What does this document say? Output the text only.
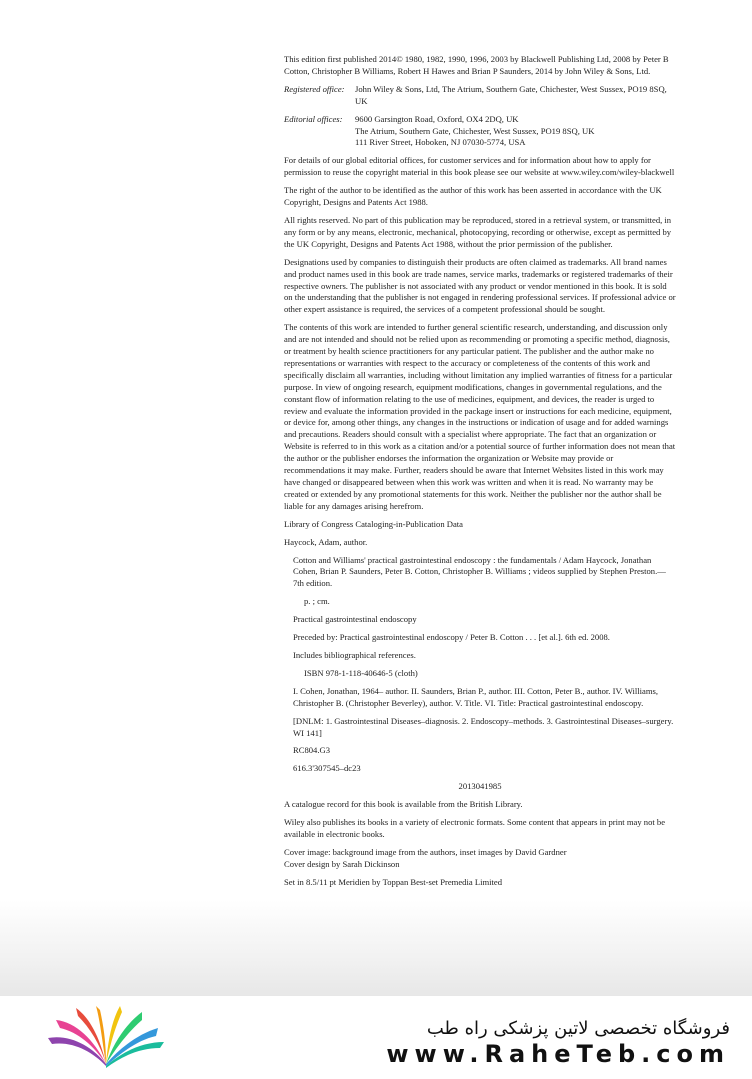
This edition first published 2014© 1980, 1982, 1990, 1996, 2003 by Blackwell Publishing Ltd, 2008 by Peter B Cotton, Christopher B Williams, Robert H Hawes and Brian P Saunders, 2014 by John Wiley & Sons, Ltd.

Registered office:	John Wiley & Sons, Ltd, The Atrium, Southern Gate, Chichester, West Sussex, PO19 8SQ, UK
Editorial offices:	9600 Garsington Road, Oxford, OX4 2DQ, UK
The Atrium, Southern Gate, Chichester, West Sussex, PO19 8SQ, UK
111 River Street, Hoboken, NJ 07030-5774, USA

For details of our global editorial offices, for customer services and for information about how to apply for permission to reuse the copyright material in this book please see our website at www.wiley.com/wiley-blackwell

The right of the author to be identified as the author of this work has been asserted in accordance with the UK Copyright, Designs and Patents Act 1988.

All rights reserved. No part of this publication may be reproduced, stored in a retrieval system, or transmitted, in any form or by any means, electronic, mechanical, photocopying, recording or otherwise, except as permitted by the UK Copyright, Designs and Patents Act 1988, without the prior permission of the publisher.

Designations used by companies to distinguish their products are often claimed as trademarks. All brand names and product names used in this book are trade names, service marks, trademarks or registered trademarks of their respective owners. The publisher is not associated with any product or vendor mentioned in this book. It is sold on the understanding that the publisher is not engaged in rendering professional services. If professional advice or other expert assistance is required, the services of a competent professional should be sought.

The contents of this work are intended to further general scientific research, understanding, and discussion only and are not intended and should not be relied upon as recommending or promoting a specific method, diagnosis, or treatment by health science practitioners for any particular patient. The publisher and the author make no representations or warranties with respect to the accuracy or completeness of the contents of this work and specifically disclaim all warranties, including without limitation any implied warranties of fitness for a particular purpose. In view of ongoing research, equipment modifications, changes in governmental regulations, and the constant flow of information relating to the use of medicines, equipment, and devices, the reader is urged to review and evaluate the information provided in the package insert or instructions for each medicine, equipment, or device for, among other things, any changes in the instructions or indication of usage and for added warnings and precautions. Readers should consult with a specialist where appropriate. The fact that an organization or Website is referred to in this work as a citation and/or a potential source of further information does not mean that the author or the publisher endorses the information the organization or Website may provide or recommendations it may make. Further, readers should be aware that Internet Websites listed in this work may have changed or disappeared between when this work was written and when it is read. No warranty may be created or extended by any promotional statements for this work. Neither the publisher nor the author shall be liable for any damages arising herefrom.

Library of Congress Cataloging-in-Publication Data

Haycock, Adam, author.

Cotton and Williams' practical gastrointestinal endoscopy : the fundamentals / Adam Haycock, Jonathan Cohen, Brian P. Saunders, Peter B. Cotton, Christopher B. Williams ; videos supplied by Stephen Preston.—7th edition.

p. ; cm.

Practical gastrointestinal endoscopy

Preceded by: Practical gastrointestinal endoscopy / Peter B. Cotton . . . [et al.]. 6th ed. 2008.

Includes bibliographical references.

ISBN 978-1-118-40646-5 (cloth)

I. Cohen, Jonathan, 1964– author. II. Saunders, Brian P., author. III. Cotton, Peter B., author. IV. Williams, Christopher B. (Christopher Beverley), author. V. Title. VI. Title: Practical gastrointestinal endoscopy.

[DNLM: 1. Gastrointestinal Diseases–diagnosis. 2. Endoscopy–methods. 3. Gastrointestinal Diseases–surgery. WI 141]

RC804.G3

616.3'307545–dc23

2013041985

A catalogue record for this book is available from the British Library.

Wiley also publishes its books in a variety of electronic formats. Some content that appears in print may not be available in electronic books.

Cover image: background image from the authors, inset images by David Gardner

Cover design by Sarah Dickinson

Set in 8.5/11 pt Meridien by Toppan Best-set Premedia Limited

فروشگاه تخصصی لاتین پزشکی راه طب
www.RaheTeb.com
